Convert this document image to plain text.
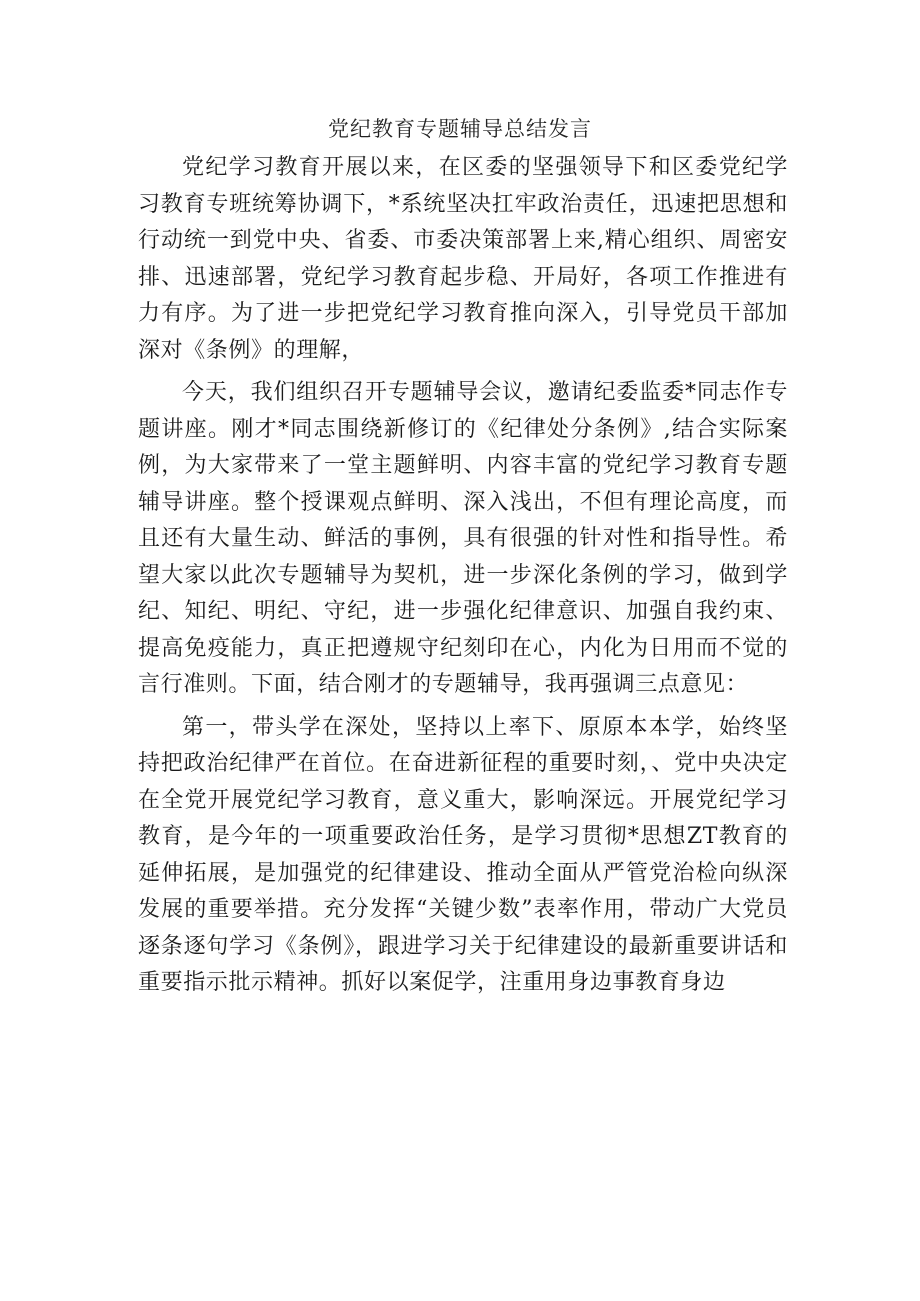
党纪教育专题辅导总结发言

党纪学习教育开展以来，在区委的坚强领导下和区委党纪学习教育专班统筹协调下，*系统坚决扛牢政治责任，迅速把思想和行动统一到党中央、省委、市委决策部署上来,精心组织、周密安排、迅速部署，党纪学习教育起步稳、开局好，各项工作推进有力有序。为了进一步把党纪学习教育推向深入，引导党员干部加深对《条例》的理解，

今天，我们组织召开专题辅导会议，邀请纪委监委*同志作专题讲座。刚才*同志围绕新修订的《纪律处分条例》,结合实际案例，为大家带来了一堂主题鲜明、内容丰富的党纪学习教育专题辅导讲座。整个授课观点鲜明、深入浅出，不但有理论高度，而且还有大量生动、鲜活的事例，具有很强的针对性和指导性。希望大家以此次专题辅导为契机，进一步深化条例的学习，做到学纪、知纪、明纪、守纪，进一步强化纪律意识、加强自我约束、提高免疫能力，真正把遵规守纪刻印在心，内化为日用而不觉的言行准则。下面，结合刚才的专题辅导，我再强调三点意见：

第一，带头学在深处，坚持以上率下、原原本本学，始终坚持把政治纪律严在首位。在奋进新征程的重要时刻，、党中央决定在全党开展党纪学习教育，意义重大，影响深远。开展党纪学习教育，是今年的一项重要政治任务，是学习贯彻*思想ZT教育的延伸拓展，是加强党的纪律建设、推动全面从严管党治检向纵深发展的重要举措。充分发挥“关键少数”表率作用，带动广大党员逐条逐句学习《条例》，跟进学习关于纪律建设的最新重要讲话和重要指示批示精神。抓好以案促学，注重用身边事教育身边
